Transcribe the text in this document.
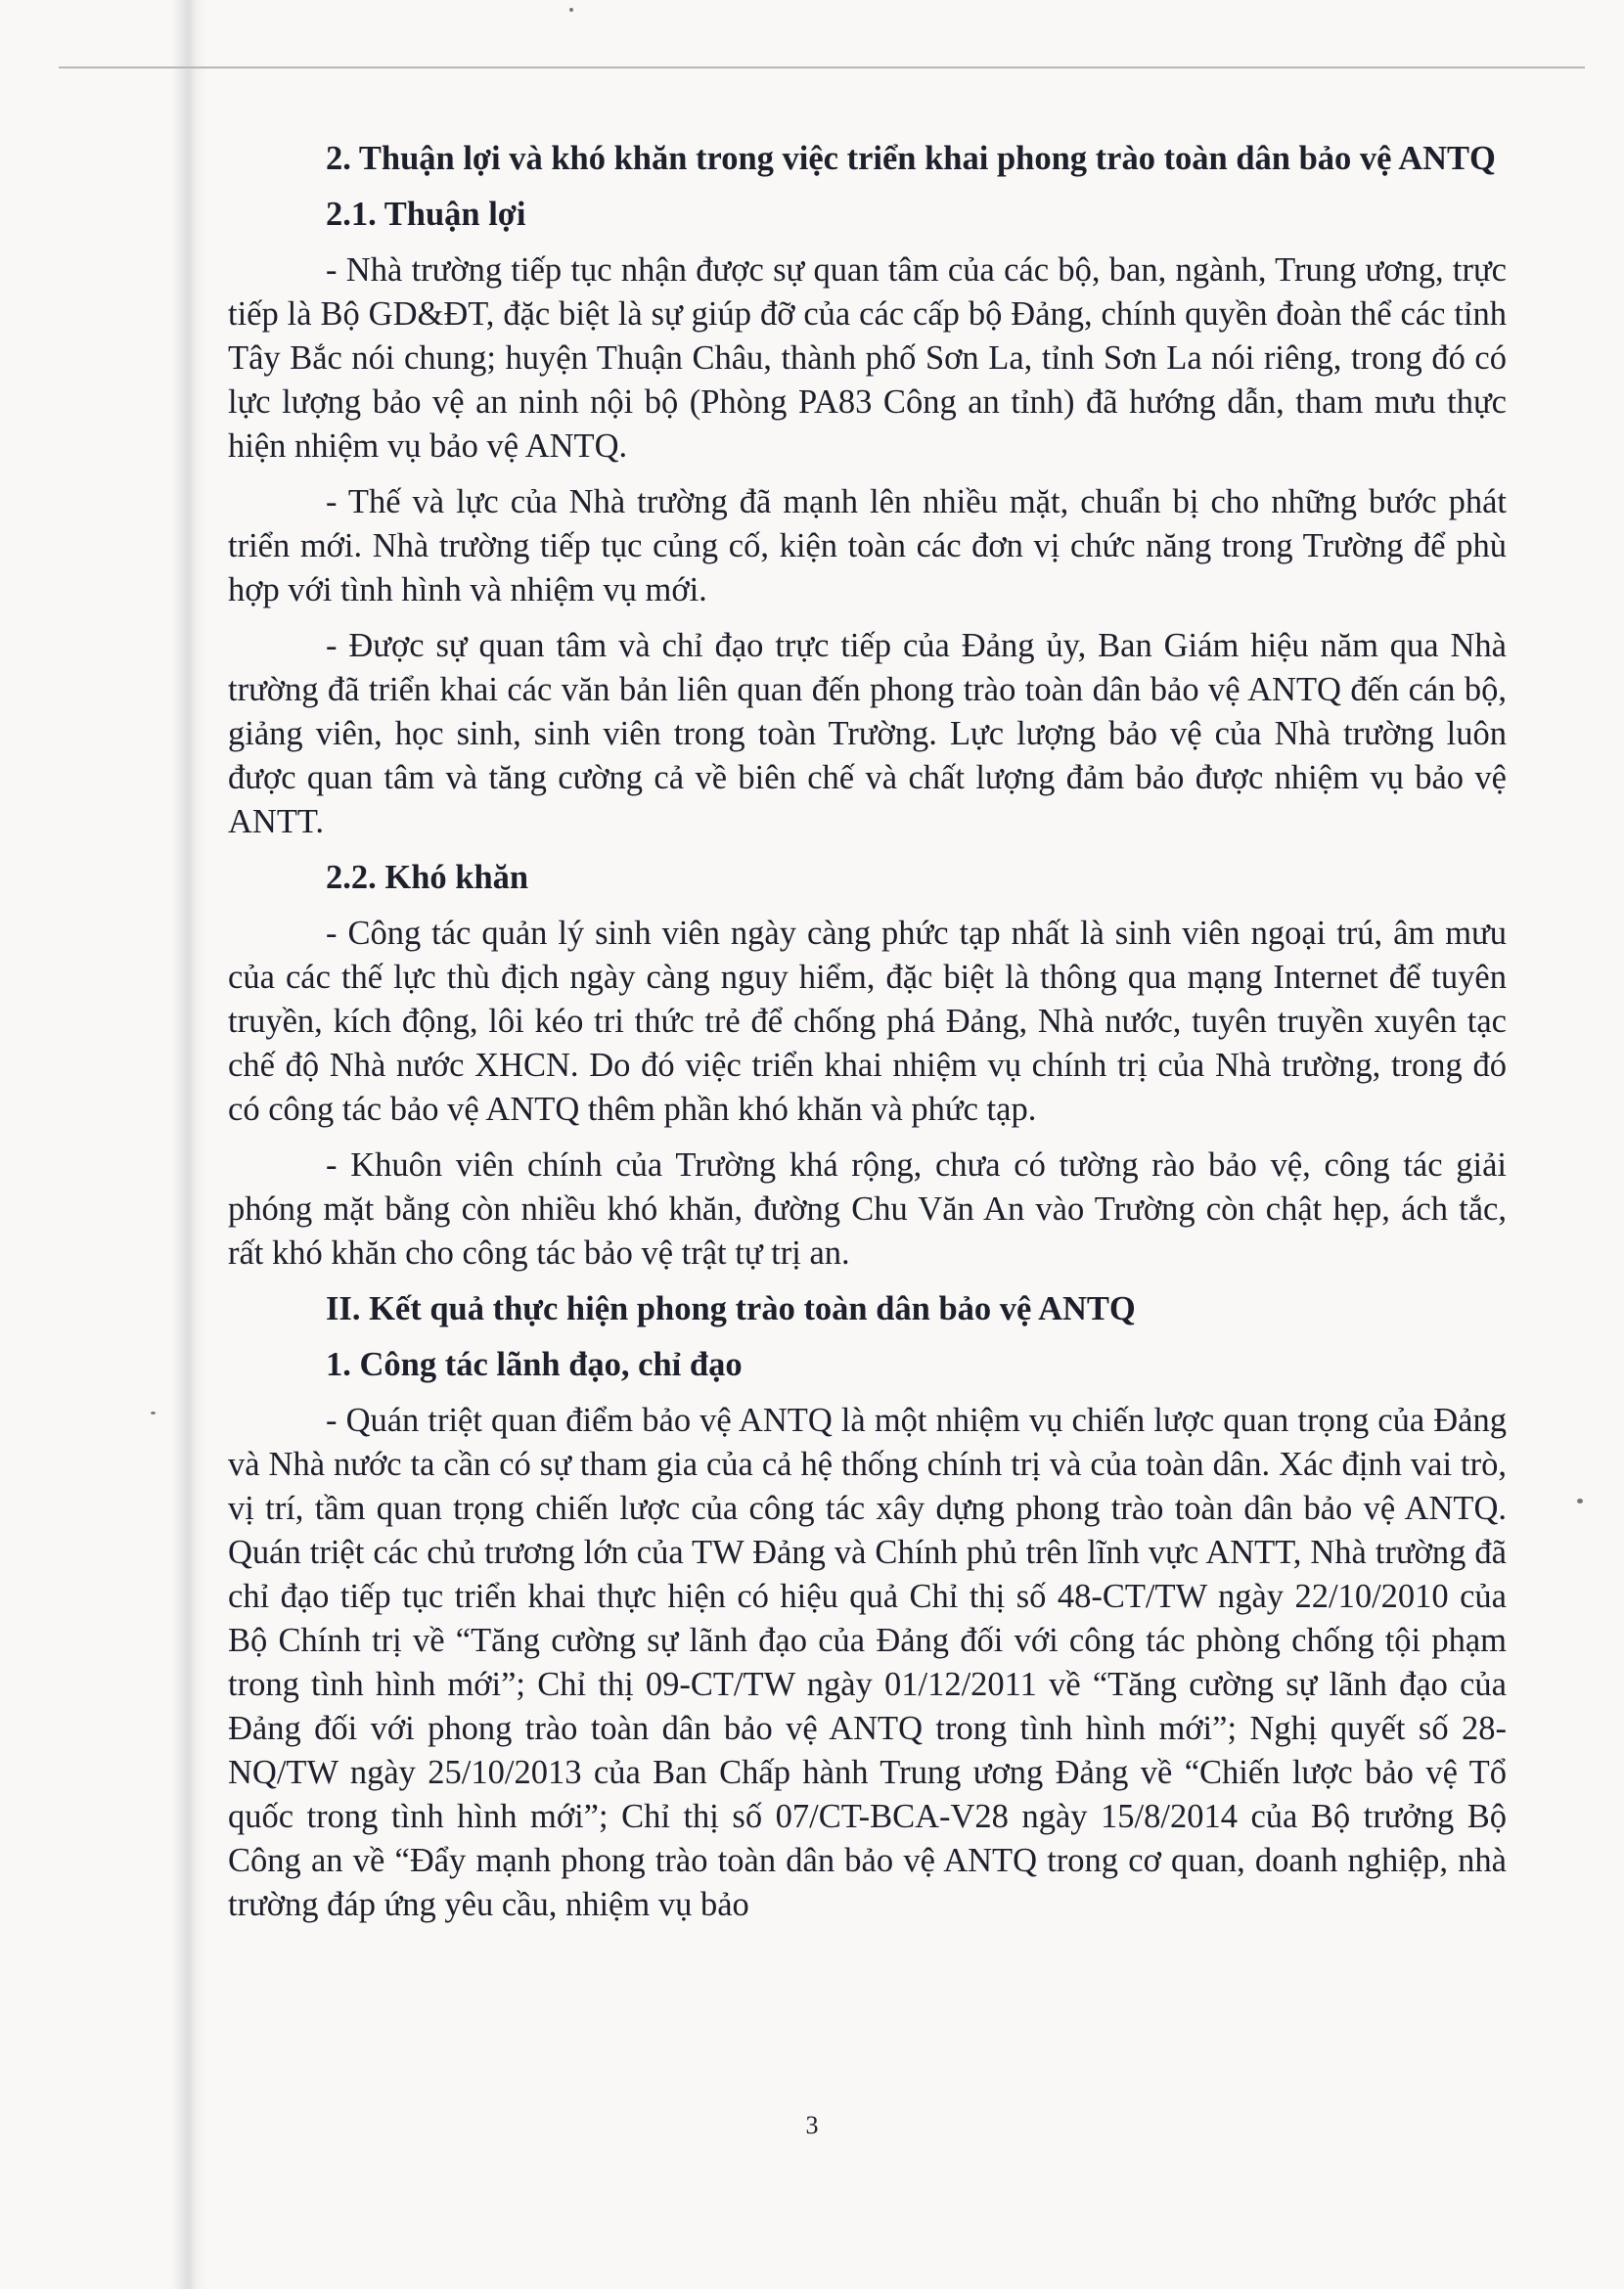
2. Thuận lợi và khó khăn trong việc triển khai phong trào toàn dân bảo vệ ANTQ

2.1. Thuận lợi

- Nhà trường tiếp tục nhận được sự quan tâm của các bộ, ban, ngành, Trung ương, trực tiếp là Bộ GD&ĐT, đặc biệt là sự giúp đỡ của các cấp bộ Đảng, chính quyền đoàn thể các tỉnh Tây Bắc nói chung; huyện Thuận Châu, thành phố Sơn La, tỉnh Sơn La nói riêng, trong đó có lực lượng bảo vệ an ninh nội bộ (Phòng PA83 Công an tỉnh) đã hướng dẫn, tham mưu thực hiện nhiệm vụ bảo vệ ANTQ.

- Thế và lực của Nhà trường đã mạnh lên nhiều mặt, chuẩn bị cho những bước phát triển mới. Nhà trường tiếp tục củng cố, kiện toàn các đơn vị chức năng trong Trường để phù hợp với tình hình và nhiệm vụ mới.

- Được sự quan tâm và chỉ đạo trực tiếp của Đảng ủy, Ban Giám hiệu năm qua Nhà trường đã triển khai các văn bản liên quan đến phong trào toàn dân bảo vệ ANTQ đến cán bộ, giảng viên, học sinh, sinh viên trong toàn Trường. Lực lượng bảo vệ của Nhà trường luôn được quan tâm và tăng cường cả về biên chế và chất lượng đảm bảo được nhiệm vụ bảo vệ ANTT.

2.2. Khó khăn

- Công tác quản lý sinh viên ngày càng phức tạp nhất là sinh viên ngoại trú, âm mưu của các thế lực thù địch ngày càng nguy hiểm, đặc biệt là thông qua mạng Internet để tuyên truyền, kích động, lôi kéo tri thức trẻ để chống phá Đảng, Nhà nước, tuyên truyền xuyên tạc chế độ Nhà nước XHCN. Do đó việc triển khai nhiệm vụ chính trị của Nhà trường, trong đó có công tác bảo vệ ANTQ thêm phần khó khăn và phức tạp.

- Khuôn viên chính của Trường khá rộng, chưa có tường rào bảo vệ, công tác giải phóng mặt bằng còn nhiều khó khăn, đường Chu Văn An vào Trường còn chật hẹp, ách tắc, rất khó khăn cho công tác bảo vệ trật tự trị an.

II. Kết quả thực hiện phong trào toàn dân bảo vệ ANTQ

1. Công tác lãnh đạo, chỉ đạo

- Quán triệt quan điểm bảo vệ ANTQ là một nhiệm vụ chiến lược quan trọng của Đảng và Nhà nước ta cần có sự tham gia của cả hệ thống chính trị và của toàn dân. Xác định vai trò, vị trí, tầm quan trọng chiến lược của công tác xây dựng phong trào toàn dân bảo vệ ANTQ. Quán triệt các chủ trương lớn của TW Đảng và Chính phủ trên lĩnh vực ANTT, Nhà trường đã chỉ đạo tiếp tục triển khai thực hiện có hiệu quả Chỉ thị số 48-CT/TW ngày 22/10/2010 của Bộ Chính trị về “Tăng cường sự lãnh đạo của Đảng đối với công tác phòng chống tội phạm trong tình hình mới”; Chỉ thị 09-CT/TW ngày 01/12/2011 về “Tăng cường sự lãnh đạo của Đảng đối với phong trào toàn dân bảo vệ ANTQ trong tình hình mới”; Nghị quyết số 28-NQ/TW ngày 25/10/2013 của Ban Chấp hành Trung ương Đảng về “Chiến lược bảo vệ Tổ quốc trong tình hình mới”; Chỉ thị số 07/CT-BCA-V28 ngày 15/8/2014 của Bộ trưởng Bộ Công an về “Đẩy mạnh phong trào toàn dân bảo vệ ANTQ trong cơ quan, doanh nghiệp, nhà trường đáp ứng yêu cầu, nhiệm vụ bảo

3
